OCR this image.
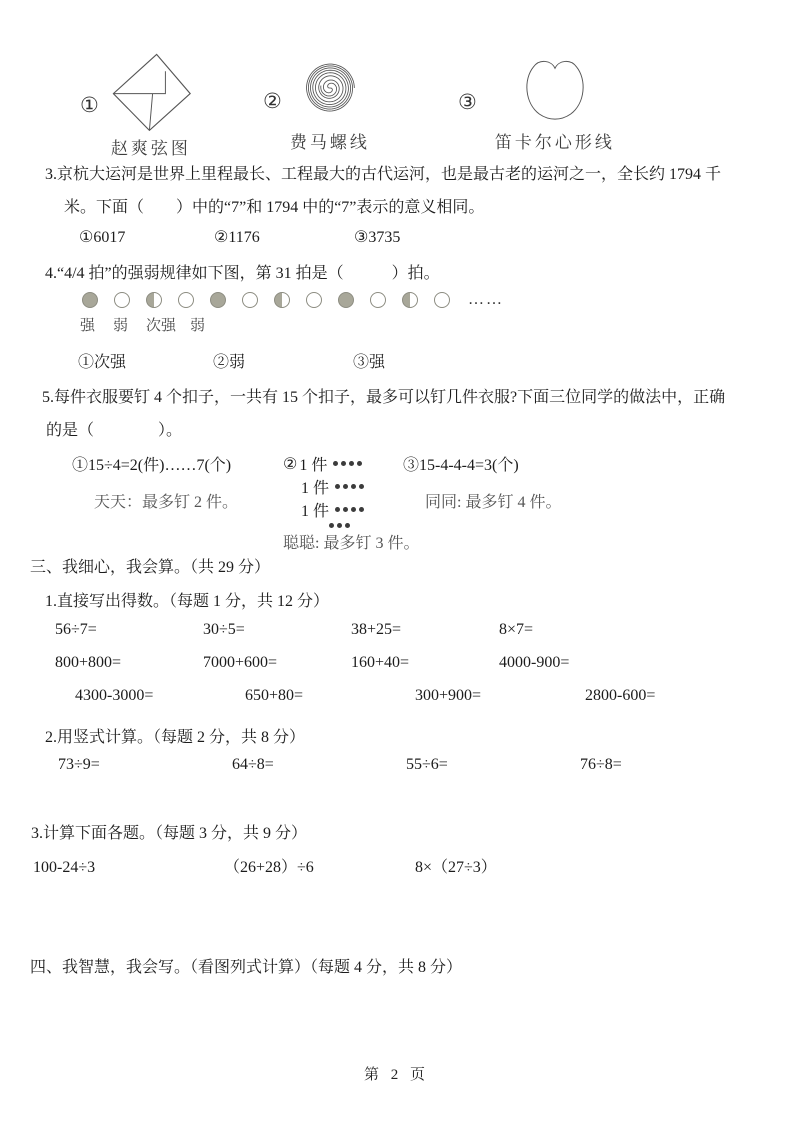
①
赵爽弦图
②
费马螺线
③
笛卡尔心形线
3.京杭大运河是世界上里程最长、工程最大的古代运河，也是最古老的运河之一，全长约 1794 千
米。下面（　　）中的“7”和 1794 中的“7”表示的意义相同。
①6017	②1176	③3735
4.“4/4 拍”的强弱规律如下图，第 31 拍是（　　　）拍。
……
强 弱 次强 弱
①次强	②弱	③强
5.每件衣服要钉 4 个扣子，一共有 15 个扣子，最多可以钉几件衣服?下面三位同学的做法中，正确
的是（　　　　）。
①15÷4=2(件)……7(个)
天天：最多钉 2 件。
② 1 件
1 件
1 件
聪聪: 最多钉 3 件。
③15-4-4-4=3(个)
同同: 最多钉 4 件。
三、我细心，我会算。（共 29 分）
1.直接写出得数。（每题 1 分，共 12 分）
56÷7=	30÷5=	38+25=	8×7=
800+800=	7000+600=	160+40=	4000-900=
4300-3000=	650+80=	300+900=	2800-600=
2.用竖式计算。（每题 2 分，共 8 分）
73÷9=	64÷8=	55÷6=	76÷8=
3.计算下面各题。（每题 3 分，共 9 分）
100-24÷3	（26+28）÷6	8×（27÷3）
四、我智慧，我会写。（看图列式计算）（每题 4 分，共 8 分）
第 2 页
